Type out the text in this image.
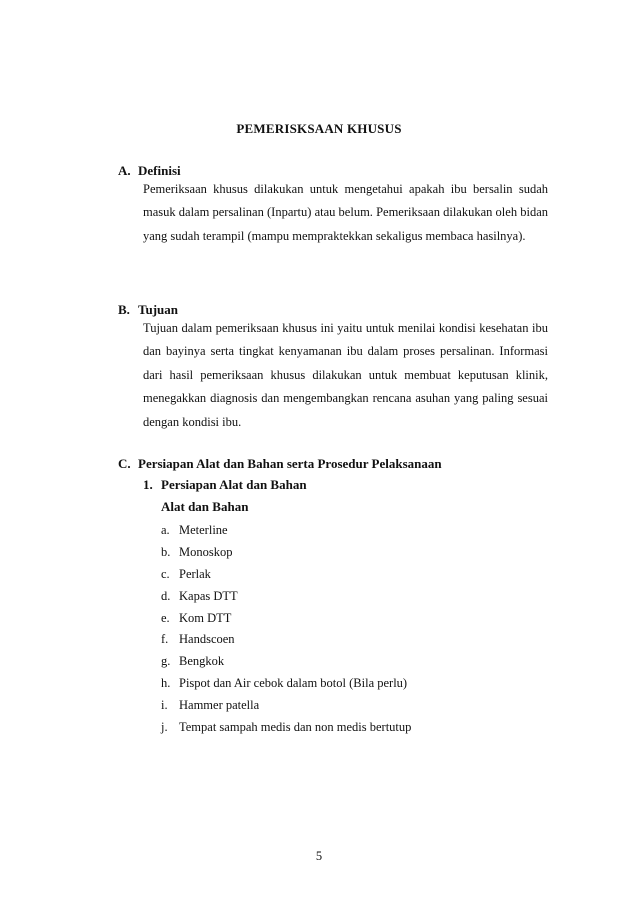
PEMERISKSAAN KHUSUS
A. Definisi

Pemeriksaan khusus dilakukan untuk mengetahui apakah ibu bersalin sudah masuk dalam persalinan (Inpartu) atau belum. Pemeriksaan dilakukan oleh bidan yang sudah terampil (mampu mempraktekkan sekaligus membaca hasilnya).

B. Tujuan

Tujuan dalam pemeriksaan khusus ini yaitu untuk menilai kondisi kesehatan ibu dan bayinya serta tingkat kenyamanan ibu dalam proses persalinan. Informasi dari hasil pemeriksaan khusus dilakukan untuk membuat keputusan klinik, menegakkan diagnosis dan mengembangkan rencana asuhan yang paling sesuai dengan kondisi ibu.

C. Persiapan Alat dan Bahan serta Prosedur Pelaksanaan
1. Persiapan Alat dan Bahan
Alat dan Bahan
a. Meterline
b. Monoskop
c. Perlak
d. Kapas DTT
e. Kom DTT
f. Handscoen
g. Bengkok
h. Pispot dan Air cebok dalam botol (Bila perlu)
i. Hammer patella
j. Tempat sampah medis dan non medis bertutup
5
